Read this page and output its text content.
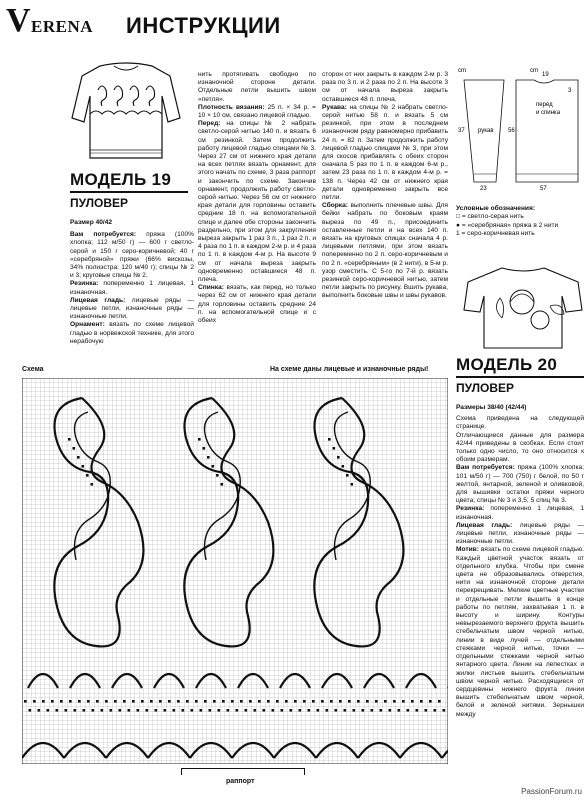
V ERENA ИНСТРУКЦИИ
МОДЕЛЬ 19
ПУЛОВЕР

Размер 40/42

Вам потребуется: пряжа (100% хлопка; 112 м/50 г) — 600 г светло-серой и 150 г серо-коричневой; 40 г «серебряной» пряжи (66% вискозы, 34% полиэстра; 120 м/40 г); спицы № 2 и 3; круговые спицы № 2.

Резинка: попеременно 1 лицевая, 1 изнаночная.

Лицевая гладь: лицевые ряды — лицевые петли, изнаночные ряды — изнаночные петли.

Орнамент: вязать по схеме лицевой гладью в норвежской технике, для этого нерабочую

нить протягивать свободно по изнаночной стороне детали. Отдельные петли вышить швом «петля».

Плотность вязания: 25 п. × 34 р. = 10 × 10 см, связано лицевой гладью.

Перед: на спицы № 2 набрать светло-серой нитью 140 п. и вязать 6 см резинкой. Затем продолжить работу лицевой гладью спицами № 3. Через 27 см от нижнего края детали на всех петлях вязать орнамент, для этого начать по схеме, 3 раза раппорт и закончить по схеме. Закончив орнамент, продолжить работу светло-серой нитью. Через 56 см от нижнего края детали для горловины оставить средние 18 п. на вспомогательной спице и далее обе стороны закончить раздельно, при этом для закругления выреза закрыть 1 раз 3 п., 1 раз 2 п. и 4 раза по 1 п. в каждом 2-м р. и 4 раза по 1 п. в каждом 4-м р. На высоте 9 см от начала выреза закрыть одновременно оставшиеся 48 п. плеча.

Спинка: вязать, как перед, но только через 62 см от нижнего края детали для горловины оставить средние 24 п. на вспомогательной спице и с обеих

сторон от них закрыть в каждом 2-м р. 3 раза по 3 п. и 2 раза по 2 п. На высоте 3 см от начала выреза закрыть оставшиеся 48 п. плеча.

Рукава: на спицы № 2 набрать светло-серой нитью 58 п. и вязать 5 см резинкой, при этом в последнем изнаночном ряду равномерно прибавить 24 п. = 82 п. Затем продолжить работу лицевой гладью спицами № 3, при этом для скосов прибавлять с обеих сторон сначала 5 раз по 1 п. в каждом 6-м р., затем 23 раза по 1 п. в каждом 4-м р. = 138 п. Через 42 см от нижнего края детали одновременно закрыть все петли.

Сборка: выполнить плечевые швы. Для бейки набрать по боковым краям выреза по 49 п., присоединить оставленные петли и на всех 140 п. вязать на круговых спицах сначала 4 р. лицевыми петлями, при этом вязать попеременно по 2 п. серо-коричневым и по 2 п. «серебряным» (в 2 нити), в 5-м р. узор сместить. С 5-го по 7-й р. вязать резинкой серо-коричневой нитью, затем петли закрыть по рисунку. Вшить рукава, выполнить боковые швы и швы рукавов.

cm	cm
рукав
37
23
перед
и спинка
56
57
19
3
Условные обозначения:
□ = светло-серая нить
● = «серебряная» пряжа в 2 нити
1 = серо-коричневая нить
МОДЕЛЬ 20
ПУЛОВЕР

Размеры 38/40 (42/44)

Схема приведена на следующей странице.

Отличающиеся данные для размера 42/44 приведены в скобках. Если стоит только одно число, то оно относится к обоим размерам.

Вам потребуется: пряжа (100% хлопка; 101 м/50 г) — 700 (750) г белой, по 50 г желтой, янтарной, зеленой и оливковой, для вышивки остатки пряжи черного цвета; спицы № 3 и 3,5; 5 спиц № 3.

Резинка: попеременно 1 лицевая, 1 изнаночная.

Лицевая гладь: лицевые ряды — лицевые петли, изнаночные ряды — изнаночные петли.

Мотив: вязать по схеме лицевой гладью. Каждый цветной участок вязать от отдельного клубка. Чтобы при смене цвета не образовывались отверстия, нити на изнаночной стороне детали перекрещивать. Мелкие цветные участки и отдельные петли вышить в конце работы по петлям, захватывая 1 п. в высоту и ширину. Контуры невырезаемого верхнего фрукта вышить стебельчатым швом черной нитью, линии в виде лучей — отдельными стежками черной нитью, точки — отдельными стежками черной нитью янтарного цвета. Линии на лепестках и жилки листьев вышить стебельчатым швом черной нитью. Расходящиеся от сердцевины нижнего фрукта линии вышить стебельчатым швом черной, белой и зеленой нитями. Зернышки между

Схема	На схеме даны лицевые и изнаночные ряды!
раппорт
PassionForum.ru
